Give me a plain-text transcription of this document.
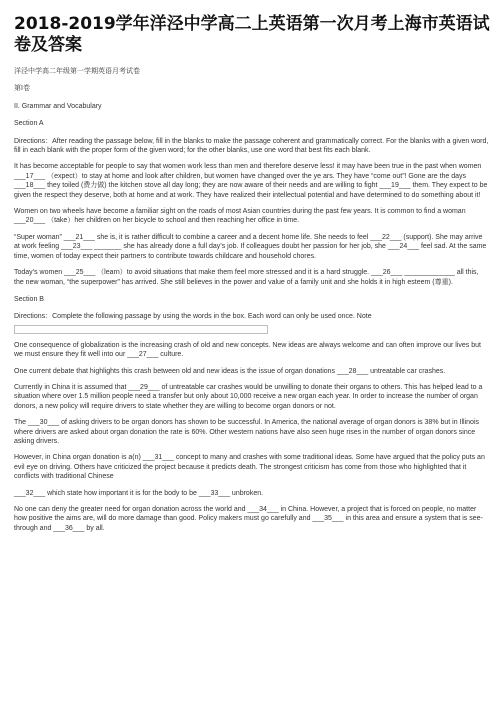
2018-2019学年洋泾中学高二上英语第一次月考上海市英语试卷及答案

洋泾中学高二年级第一学期英语月考试卷

第I卷

II. Grammar and Vocabulary

Section A

Directions：After reading the passage below, fill in the blanks to make the passage coherent and grammatically correct. For the blanks with a given word, fill in each blank with the proper form of the given word; for the other blanks, use one word that best fits each blank.

It has become acceptable for people to say that women work less than men and therefore deserve less! it may have been true in the past when women ___17___ （expect）to stay at home and look after children, but women have changed over the ye ars. They have “come out”! Gone are the days ___18___ they toiled (费力做) the kitchen stove all day long; they are now aware of their needs and are willing to fight ___19___ them. They expect to be given the respect they deserve, both at home and at work. They have realized their intellectual potential and have determined to do something about it!

Women on two wheels have become a familiar sight on the roads of most Asian countries during the past few years. It is common to find a woman ___20___ （take）her children on her bicycle to school and then reaching her office in time.

“Super woman” ___21___ she is, it is rather difficult to combine a career and a decent home life. She needs to feel ___22___ (support). She may arrive at work feeling ___23___ _______ she has already done a full day’s job. If colleagues doubt her passion for her job, she ___24___ feel sad. At the same time, women of today expect their partners to contribute towards childcare and household chores.

Today’s women ___25___ （learn）to avoid situations that make them feel more stressed and it is a hard struggle. ___26___ _____________ all this, the new woman, “the superpower” has arrived. She still believes in the power and value of a family unit and she holds it in high esteem (尊重).

Section B

Directions：Complete the following passage by using the words in the box. Each word can only be used once. Note

One consequence of globalization is the increasing crash of old and new concepts. New ideas are always welcome and can often improve our lives but we must ensure they fit well into our ___27___ culture.

One current debate that highlights this crash between old and new ideas is the issue of organ donations ___28___ untreatable car crashes.

Currently in China it is assumed that ___29___ of untreatable car crashes would be unwilling to donate their organs to others. This has helped lead to a situation where over 1.5 million people need a transfer but only about 10,000 receive a new organ each year. In order to increase the number of organ donors, a new policy will require drivers to state whether they are willing to become organ donors or not.

The ___30___ of asking drivers to be organ donors has shown to be successful. In America, the national average of organ donors is 38% but in Illinois where drivers are asked about organ donation the rate is 60%. Other western nations have also seen huge rises in the number of organ donors since asking drivers.

However, in China organ donation is a(n) ___31___ concept to many and crashes with some traditional ideas. Some have argued that the policy puts an evil eye on driving. Others have criticized the project because it predicts death. The strongest criticism has come from those who highlighted that it conflicts with traditional Chinese

___32___ which state how important it is for the body to be ___33___ unbroken.

No one can deny the greater need for organ donation across the world and ___34___ in China. However, a project that is forced on people, no matter how positive the aims are, will do more damage than good. Policy makers must go carefully and ___35___ in this area and ensure a system that is see-through and ___36___ by all.
